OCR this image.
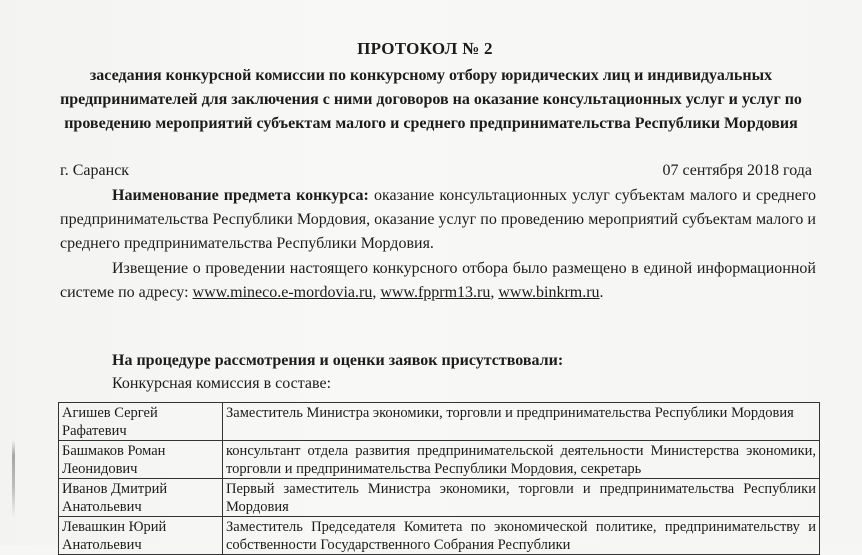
ПРОТОКОЛ № 2
заседания конкурсной комиссии по конкурсному отбору юридических лиц и индивидуальных предпринимателей для заключения с ними договоров на оказание консультационных услуг и услуг по проведению мероприятий субъектам малого и среднего предпринимательства Республики Мордовия
г. Саранск	07 сентября 2018 года
Наименование предмета конкурса: оказание консультационных услуг субъектам малого и среднего предпринимательства Республики Мордовия, оказание услуг по проведению мероприятий субъектам малого и среднего предпринимательства Республики Мордовия.
Извещение о проведении настоящего конкурсного отбора было размещено в единой информационной системе по адресу: www.mineco.e-mordovia.ru, www.fpprm13.ru, www.binkrm.ru.
На процедуре рассмотрения и оценки заявок присутствовали:
Конкурсная комиссия в составе:
Агишев Сергей Рафатевич	Заместитель Министра экономики, торговли и предпринимательства Республики Мордовия
Башмаков Роман Леонидович	консультант отдела развития предпринимательской деятельности Министерства экономики, торговли и предпринимательства Республики Мордовия, секретарь
Иванов Дмитрий Анатольевич	Первый заместитель Министра экономики, торговли и предпринимательства Республики Мордовия
Левашкин Юрий Анатольевич	Заместитель Председателя Комитета по экономической политике, предпринимательству и собственности Государственного Собрания Республики
